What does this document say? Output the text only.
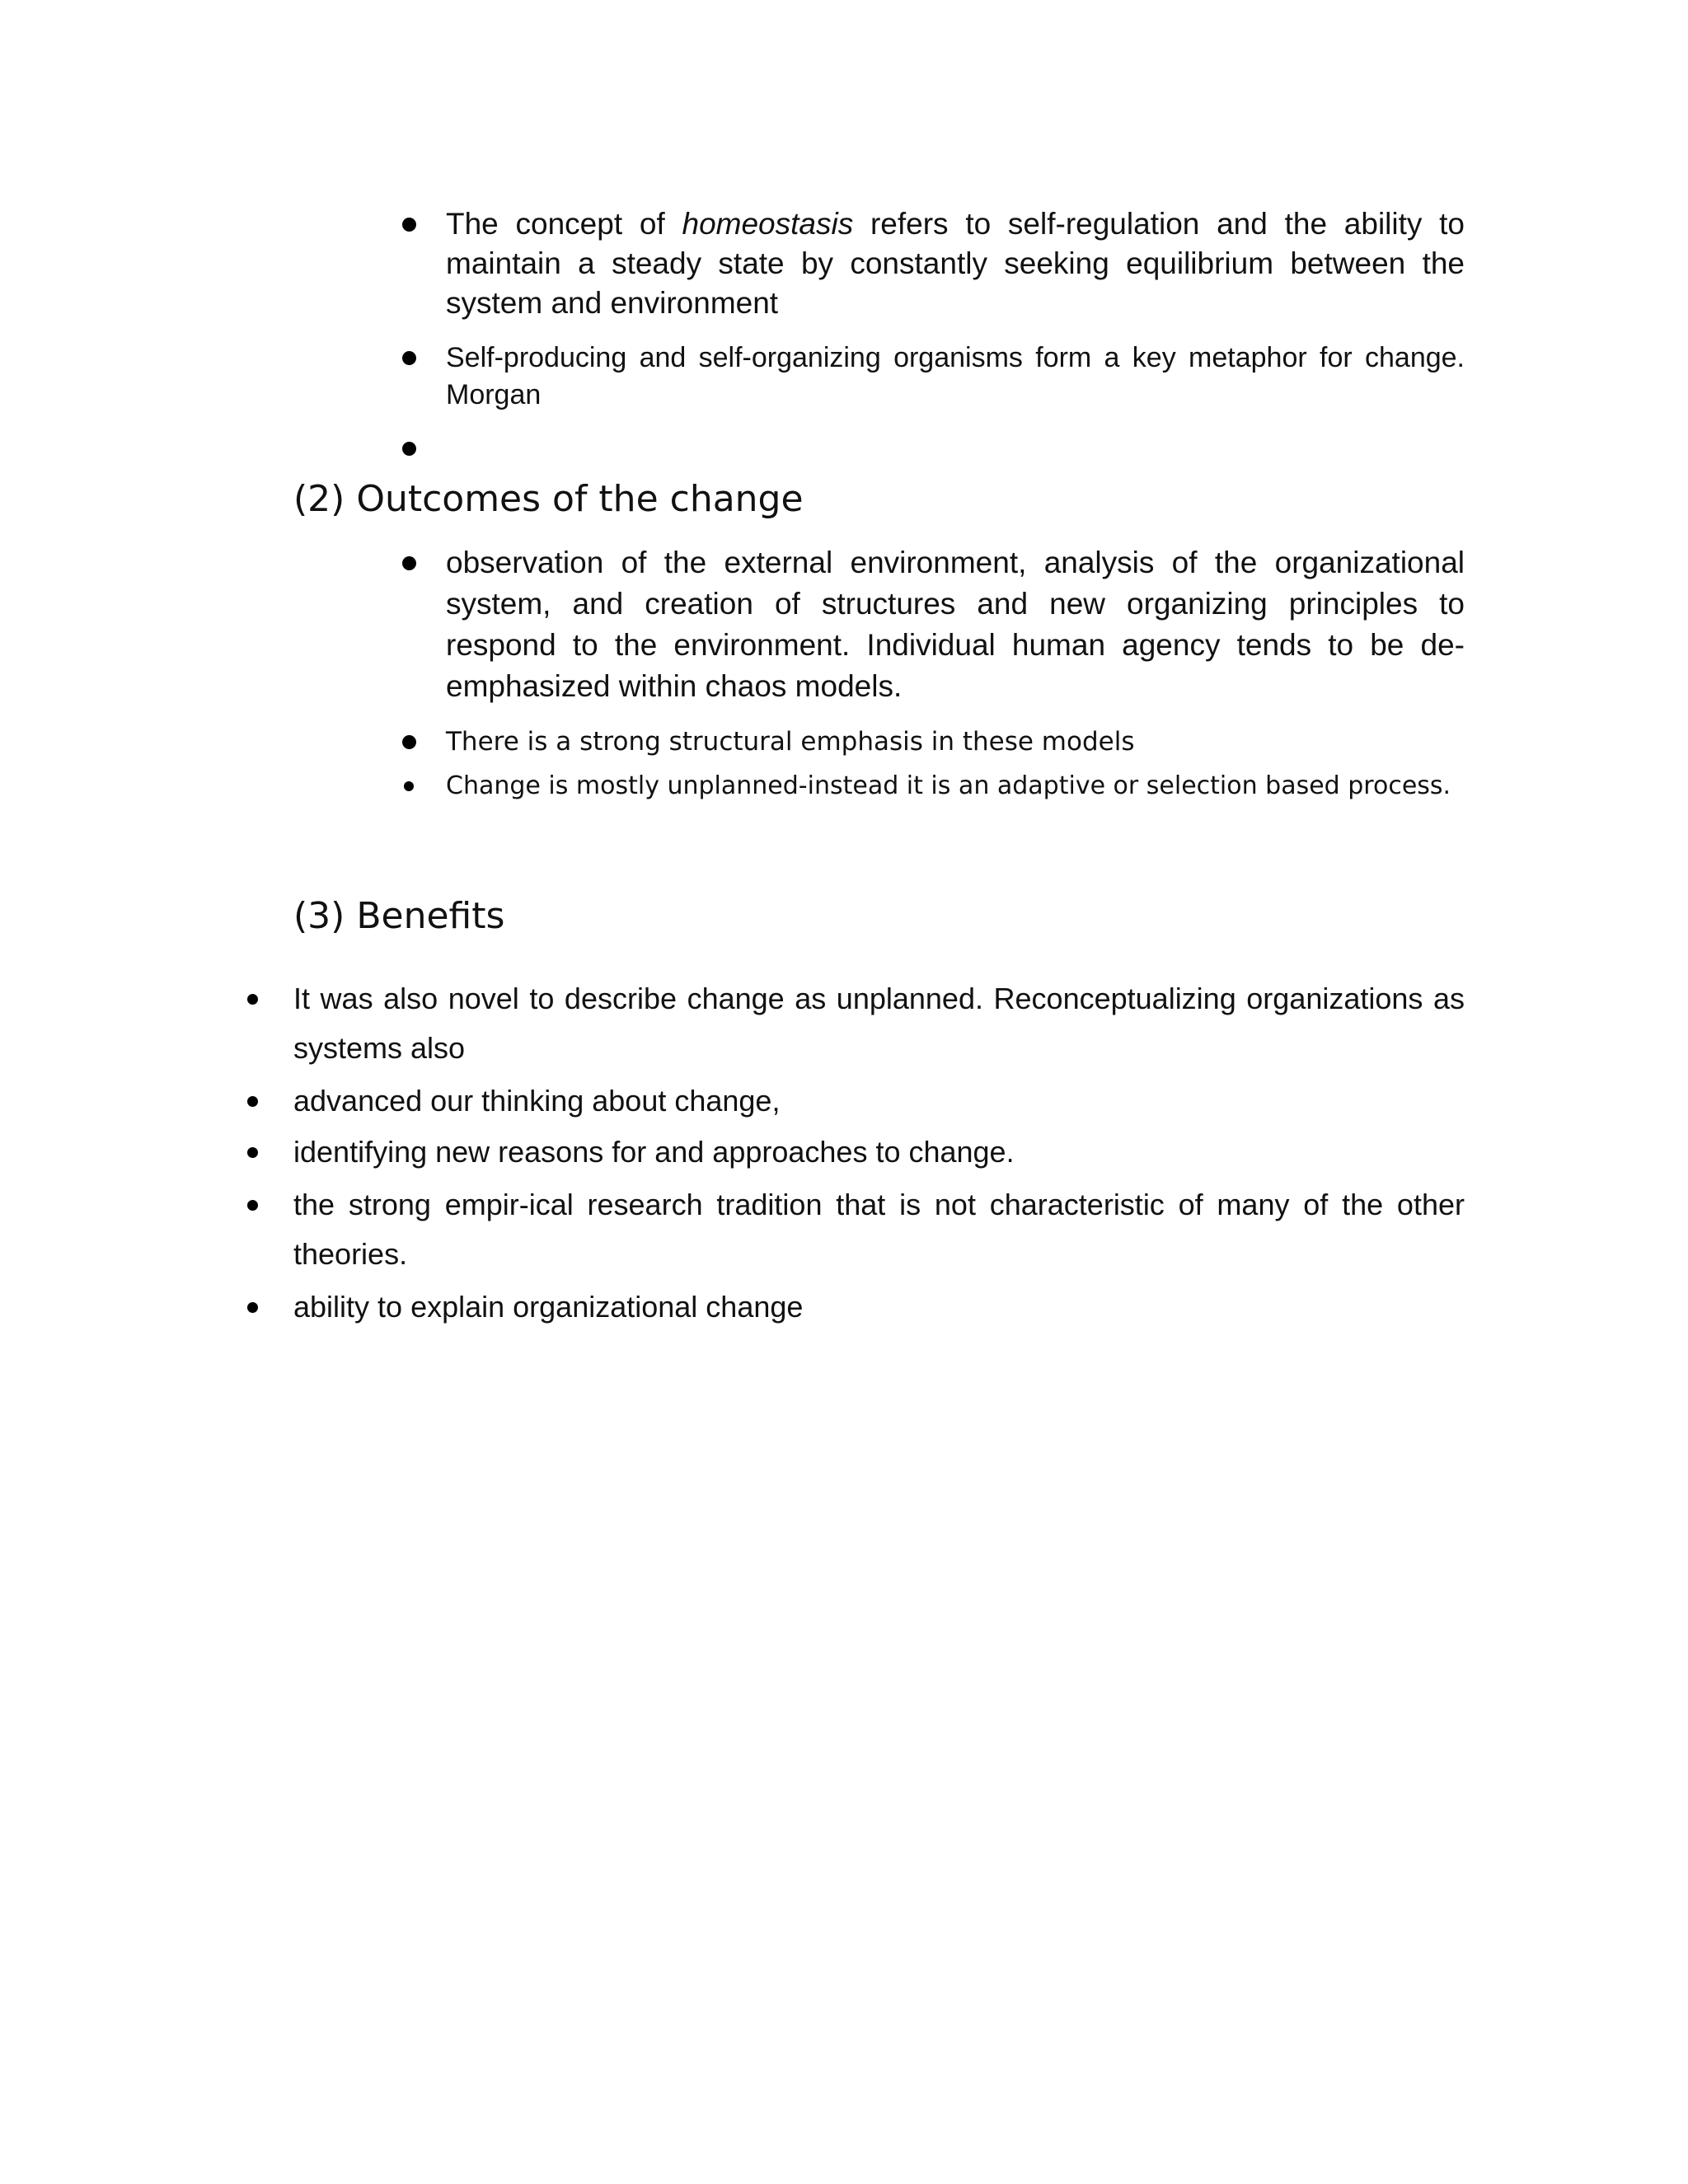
The concept of homeostasis refers to self-regulation and the ability to maintain a steady state by constantly seeking equilibrium between the system and environment

Self-producing and self-organizing organisms form a key metaphor for change. Morgan

(2) Outcomes of the change

observation of the external environment, analysis of the organizational system, and creation of structures and new organizing principles to respond to the environment. Individual human agency tends to be de-emphasized within chaos models.

There is a strong structural emphasis in these models
Change is mostly unplanned-instead it is an adaptive or selection based process.
(3) Benefits

It was also novel to describe change as unplanned. Reconceptualizing organizations as systems also

advanced our thinking about change,

identifying new reasons for and approaches to change.

the strong empir-ical research tradition that is not characteristic of many of the other theories.

ability to explain organizational change
